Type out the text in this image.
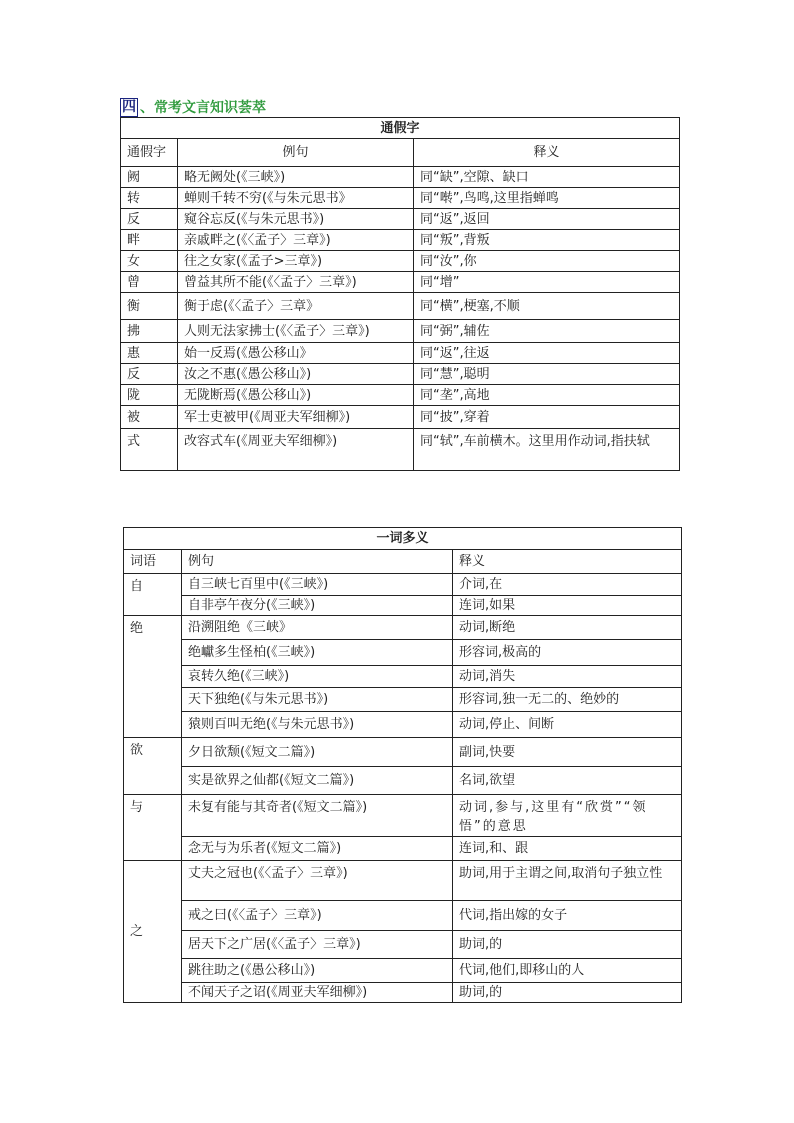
四 、 常考文言知识荟萃
通假字		
通假字	例句	释义
阙	略无阙处(《三峡》)	同“缺”,空隙、缺口
转	蝉则千转不穷(《与朱元思书》	同“啭”,鸟鸣,这里指蝉鸣
反	窥谷忘反(《与朱元思书》)	同“返”,返回
畔	亲戚畔之(《〈孟子〉三章》)	同“叛”,背叛
女	往之女家(《孟子>三章》)	同“汝”,你
曾	曾益其所不能(《〈孟子〉三章》)	同“增”
衡	衡于虑(《〈孟子〉三章》	同“横”,梗塞,不顺
拂	人则无法家拂士(《〈孟子〉三章》)	同“弼”,辅佐
惠	始一反焉(《愚公移山》	同“返”,往返
反	汝之不惠(《愚公移山》)	同“慧”,聪明
陇	无陇断焉(《愚公移山》)	同“垄”,高地
被	军士吏被甲(《周亚夫军细柳》)	同“披”,穿着
式	改容式车(《周亚夫军细柳》)	同“轼”,车前横木。这里用作动词,指扶轼
一词多义		
词语	例句	释义
自	自三峡七百里中(《三峡》)	介词,在
	自非亭午夜分(《三峡》)	连词,如果
绝	沿溯阻绝《三峡》	动词,断绝
	绝巘多生怪柏(《三峡》)	形容词,极高的
	哀转久绝(《三峡》)	动词,消失
	天下独绝(《与朱元思书》)	形容词,独一无二的、绝妙的
	猿则百叫无绝(《与朱元思书》)	动词,停止、间断
欲	夕日欲颓(《短文二篇》)	副词,快要
	实是欲界之仙都(《短文二篇》)	名词,欲望
与	未复有能与其奇者(《短文二篇》)	动词,参与,这里有“欣赏”“领悟”的意思
	念无与为乐者(《短文二篇》)	连词,和、跟
之	丈夫之冠也(《〈孟子〉三章》)	助词,用于主谓之间,取消句子独立性
	戒之曰(《〈孟子〉三章》)	代词,指出嫁的女子
	居天下之广居(《〈孟子〉三章》)	助词,的
	跳往助之(《愚公移山》)	代词,他们,即移山的人
	不闻天子之诏(《周亚夫军细柳》)	助词,的
